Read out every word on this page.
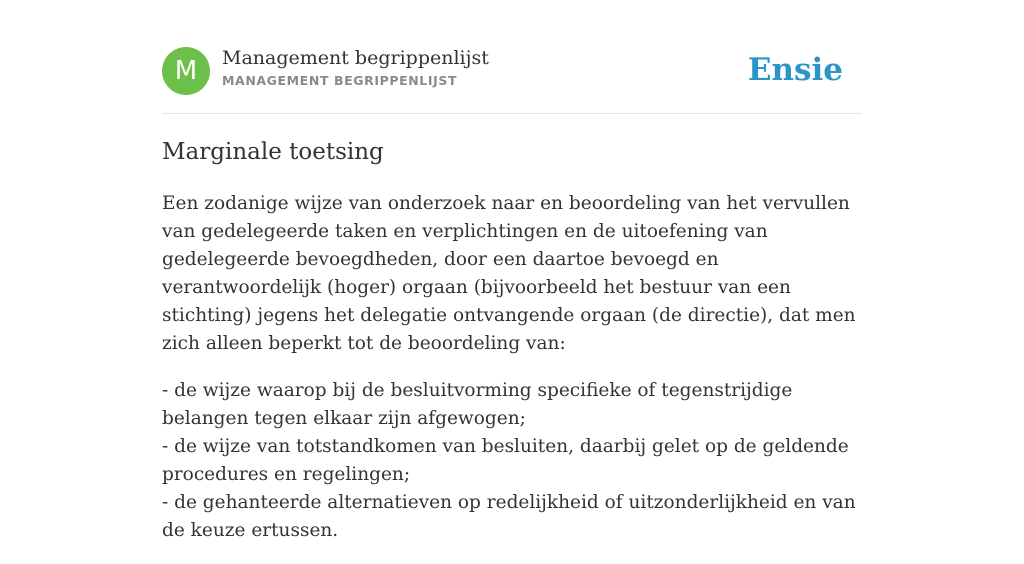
M	Management begrippenlijst
MANAGEMENT BEGRIPPENLIJST	Ensie
Marginale toetsing

Een zodanige wijze van onderzoek naar en beoordeling van het vervullen van gedelegeerde taken en verplichtingen en de uitoefening van gedelegeerde bevoegdheden, door een daartoe bevoegd en verantwoordelijk (hoger) orgaan (bijvoorbeeld het bestuur van een stichting) jegens het delegatie ontvangende orgaan (de directie), dat men zich alleen beperkt tot de beoordeling van:

- de wijze waarop bij de besluitvorming specifieke of tegenstrijdige belangen tegen elkaar zijn afgewogen;
- de wijze van totstandkomen van besluiten, daarbij gelet op de geldende procedures en regelingen;
- de gehanteerde alternatieven op redelijkheid of uitzonderlijkheid en van de keuze ertussen.
